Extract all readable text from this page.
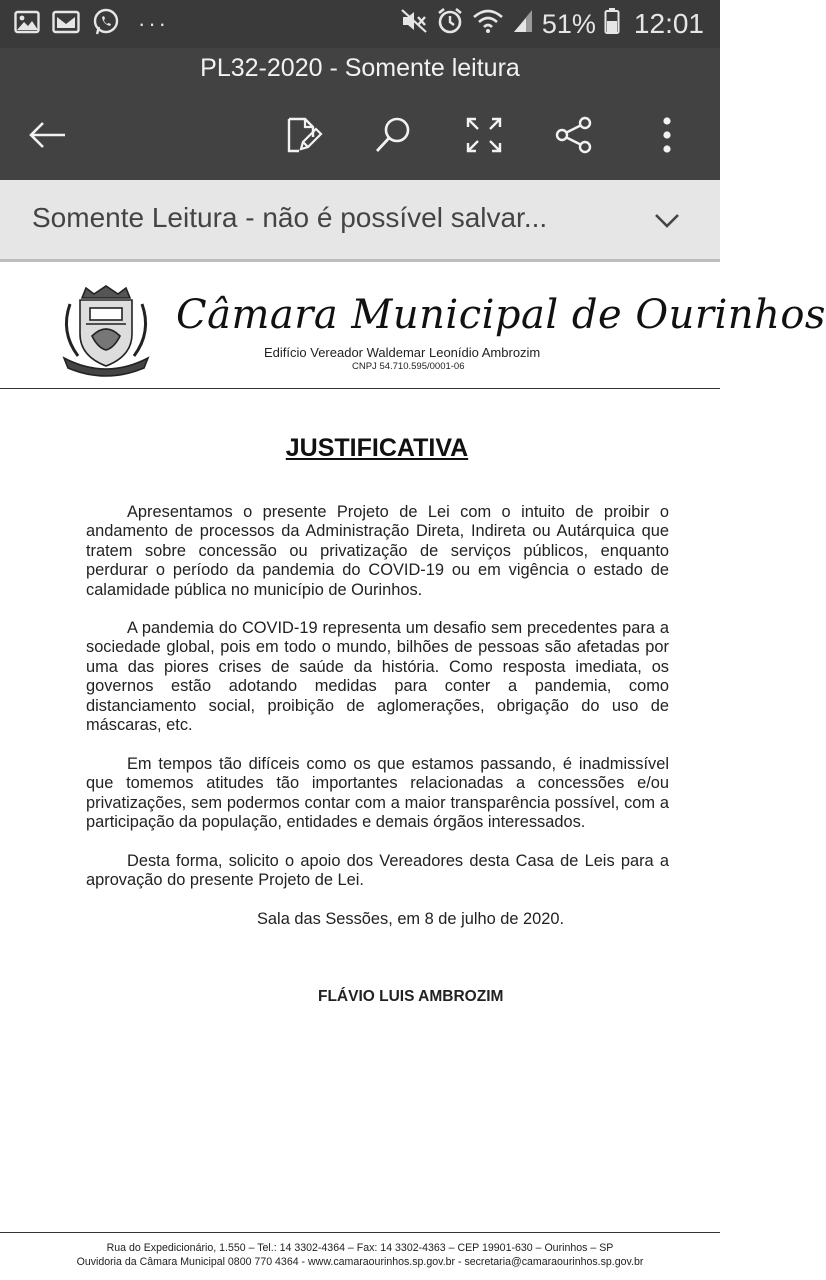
···	51% 12:01
PL32-2020 - Somente leitura
Somente Leitura - não é possível salvar...
Câmara Municipal de Ourinhos
Edifício Vereador Waldemar Leonídio Ambrozim
CNPJ 54.710.595/0001-06
JUSTIFICATIVA

Apresentamos o presente Projeto de Lei com o intuito de proibir o andamento de processos da Administração Direta, Indireta ou Autárquica que tratem sobre concessão ou privatização de serviços públicos, enquanto perdurar o período da pandemia do COVID-19 ou em vigência o estado de calamidade pública no município de Ourinhos.

A pandemia do COVID-19 representa um desafio sem precedentes para a sociedade global, pois em todo o mundo, bilhões de pessoas são afetadas por uma das piores crises de saúde da história. Como resposta imediata, os governos estão adotando medidas para conter a pandemia, como distanciamento social, proibição de aglomerações, obrigação do uso de máscaras, etc.

Em tempos tão difíceis como os que estamos passando, é inadmissível que tomemos atitudes tão importantes relacionadas a concessões e/ou privatizações, sem podermos contar com a maior transparência possível, com a participação da população, entidades e demais órgãos interessados.

Desta forma, solicito o apoio dos Vereadores desta Casa de Leis para a aprovação do presente Projeto de Lei.

Sala das Sessões, em 8 de julho de 2020.
FLÁVIO LUIS AMBROZIM
Rua do Expedicionário, 1.550 – Tel.: 14 3302-4364 – Fax: 14 3302-4363 – CEP 19901-630 – Ourinhos – SP
Ouvidoria da Câmara Municipal 0800 770 4364 - www.camaraourinhos.sp.gov.br - secretaria@camaraourinhos.sp.gov.br
